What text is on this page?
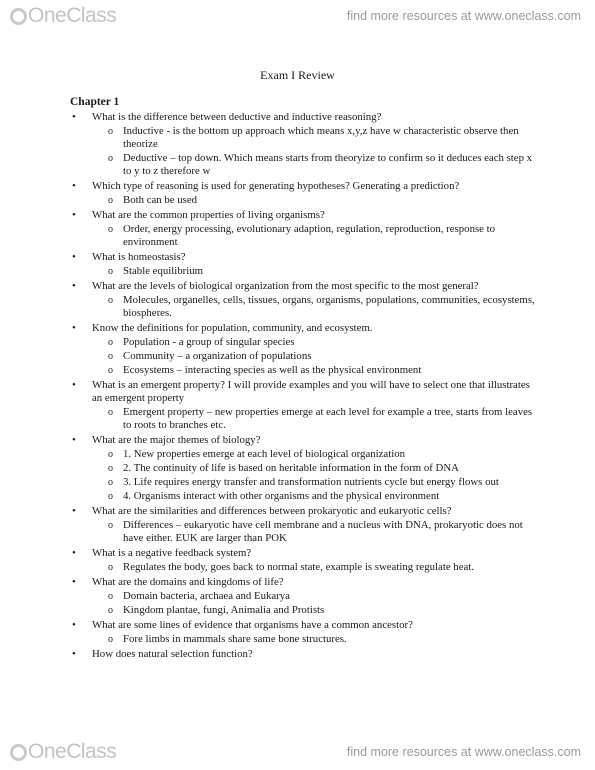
OneClass	find more resources at www.oneclass.com
Exam I Review
Chapter 1
• What is the difference between deductive and inductive reasoning?
o Inductive - is the bottom up approach which means x,y,z have w characteristic observe then theorize
o Deductive – top down. Which means starts from theoryize to confirm so it deduces each step x to y to z therefore w
• Which type of reasoning is used for generating hypotheses? Generating a prediction?
o Both can be used
• What are the common properties of living organisms?
o Order, energy processing, evolutionary adaption, regulation, reproduction, response to environment
• What is homeostasis?
o Stable equilibrium
• What are the levels of biological organization from the most specific to the most general?
o Molecules, organelles, cells, tissues, organs, organisms, populations, communities, ecosystems, biospheres.
• Know the definitions for population, community, and ecosystem.
o Population - a group of singular species
o Community – a organization of populations
o Ecosystems – interacting species as well as the physical environment
• What is an emergent property? I will provide examples and you will have to select one that illustrates an emergent property
o Emergent property – new properties emerge at each level for example a tree, starts from leaves to roots to branches etc.
• What are the major themes of biology?
o 1. New properties emerge at each level of biological organization
o 2. The continuity of life is based on heritable information in the form of DNA
o 3. Life requires energy transfer and transformation nutrients cycle but energy flows out
o 4. Organisms interact with other organisms and the physical environment
• What are the similarities and differences between prokaryotic and eukaryotic cells?
o Differences – eukaryotic have cell membrane and a nucleus with DNA, prokaryotic does not have either. EUK are larger than POK
• What is a negative feedback system?
o Regulates the body, goes back to normal state, example is sweating regulate heat.
• What are the domains and kingdoms of life?
o Domain bacteria, archaea and Eukarya
o Kingdom plantae, fungi, Animalia and Protists
• What are some lines of evidence that organisms have a common ancestor?
o Fore limbs in mammals share same bone structures.
• How does natural selection function?
OneClass	find more resources at www.oneclass.com
